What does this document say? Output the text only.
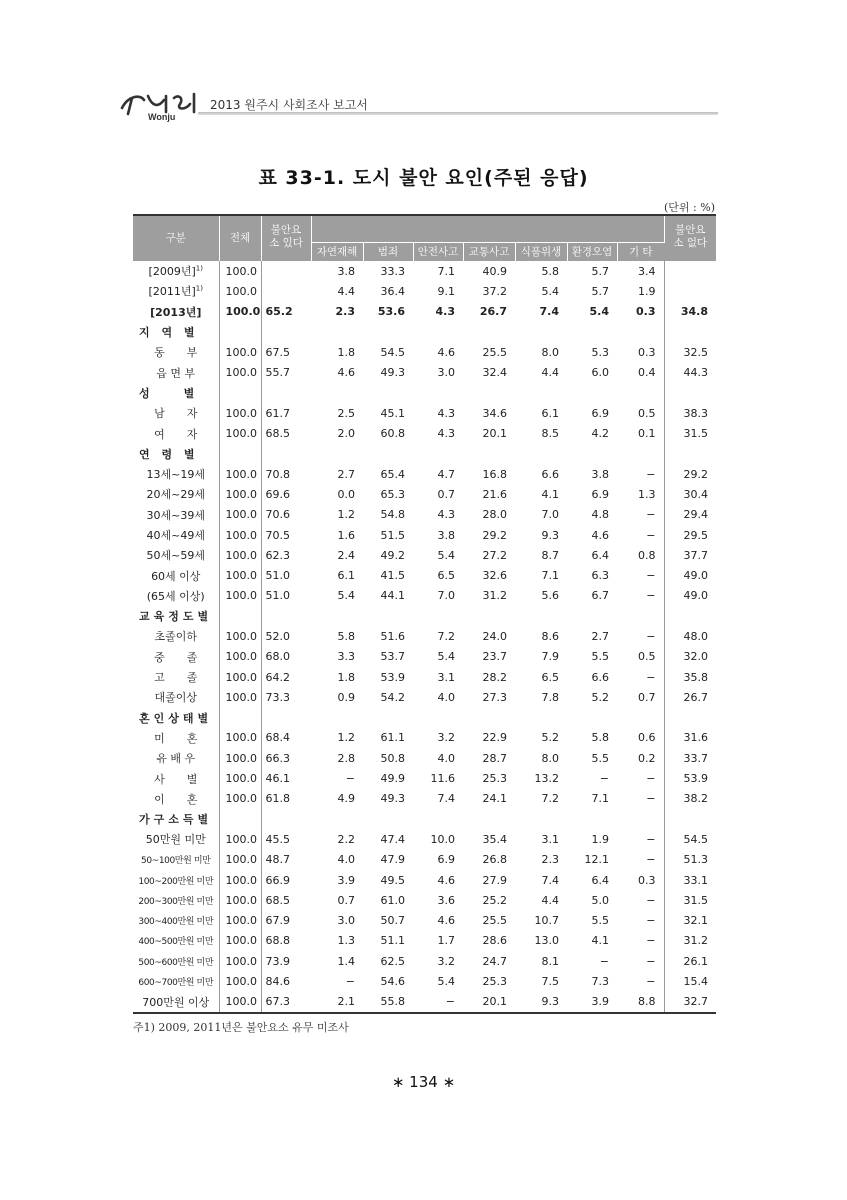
Wonju
2013 원주시 사회조사 보고서
표 33-1. 도시 불안 요인(주된 응답)
(단위 : %)
구분	전체	불안요소 있다								불안요소 없다
			자연재해	범죄	안전사고	교통사고	식품위생	환경오염	기 타	
[2009년]$^{1)}$	100.0		3.8	33.3	7.1	40.9	5.8	5.7	3.4	
[2011년]$^{1)}$	100.0		4.4	36.4	9.1	37.2	5.4	5.7	1.9	
[2013년]	100.0	65.2	2.3	53.6	4.3	26.7	7.4	5.4	0.3	34.8
지 역 별										
동　　부	100.0	67.5	1.8	54.5	4.6	25.5	8.0	5.3	0.3	32.5
읍 면 부	100.0	55.7	4.6	49.3	3.0	32.4	4.4	6.0	0.4	44.3
성　　별										
남　　자	100.0	61.7	2.5	45.1	4.3	34.6	6.1	6.9	0.5	38.3
여　　자	100.0	68.5	2.0	60.8	4.3	20.1	8.5	4.2	0.1	31.5
연 령 별										
13세~19세	100.0	70.8	2.7	65.4	4.7	16.8	6.6	3.8	−	29.2
20세~29세	100.0	69.6	0.0	65.3	0.7	21.6	4.1	6.9	1.3	30.4
30세~39세	100.0	70.6	1.2	54.8	4.3	28.0	7.0	4.8	−	29.4
40세~49세	100.0	70.5	1.6	51.5	3.8	29.2	9.3	4.6	−	29.5
50세~59세	100.0	62.3	2.4	49.2	5.4	27.2	8.7	6.4	0.8	37.7
60세 이상	100.0	51.0	6.1	41.5	6.5	32.6	7.1	6.3	−	49.0
(65세 이상)	100.0	51.0	5.4	44.1	7.0	31.2	5.6	6.7	−	49.0
교육정도별										
초졸이하	100.0	52.0	5.8	51.6	7.2	24.0	8.6	2.7	−	48.0
중　　졸	100.0	68.0	3.3	53.7	5.4	23.7	7.9	5.5	0.5	32.0
고　　졸	100.0	64.2	1.8	53.9	3.1	28.2	6.5	6.6	−	35.8
대졸이상	100.0	73.3	0.9	54.2	4.0	27.3	7.8	5.2	0.7	26.7
혼인상태별										
미　　혼	100.0	68.4	1.2	61.1	3.2	22.9	5.2	5.8	0.6	31.6
유 배 우	100.0	66.3	2.8	50.8	4.0	28.7	8.0	5.5	0.2	33.7
사　　별	100.0	46.1	−	49.9	11.6	25.3	13.2	−	−	53.9
이　　혼	100.0	61.8	4.9	49.3	7.4	24.1	7.2	7.1	−	38.2
가구소득별										
50만원 미만	100.0	45.5	2.2	47.4	10.0	35.4	3.1	1.9	−	54.5
50~100만원 미만	100.0	48.7	4.0	47.9	6.9	26.8	2.3	12.1	−	51.3
100~200만원 미만	100.0	66.9	3.9	49.5	4.6	27.9	7.4	6.4	0.3	33.1
200~300만원 미만	100.0	68.5	0.7	61.0	3.6	25.2	4.4	5.0	−	31.5
300~400만원 미만	100.0	67.9	3.0	50.7	4.6	25.5	10.7	5.5	−	32.1
400~500만원 미만	100.0	68.8	1.3	51.1	1.7	28.6	13.0	4.1	−	31.2
500~600만원 미만	100.0	73.9	1.4	62.5	3.2	24.7	8.1	−	−	26.1
600~700만원 미만	100.0	84.6	−	54.6	5.4	25.3	7.5	7.3	−	15.4
700만원 이상	100.0	67.3	2.1	55.8	−	20.1	9.3	3.9	8.8	32.7
주1) 2009, 2011년은 불안요소 유무 미조사
∗ 134 ∗
